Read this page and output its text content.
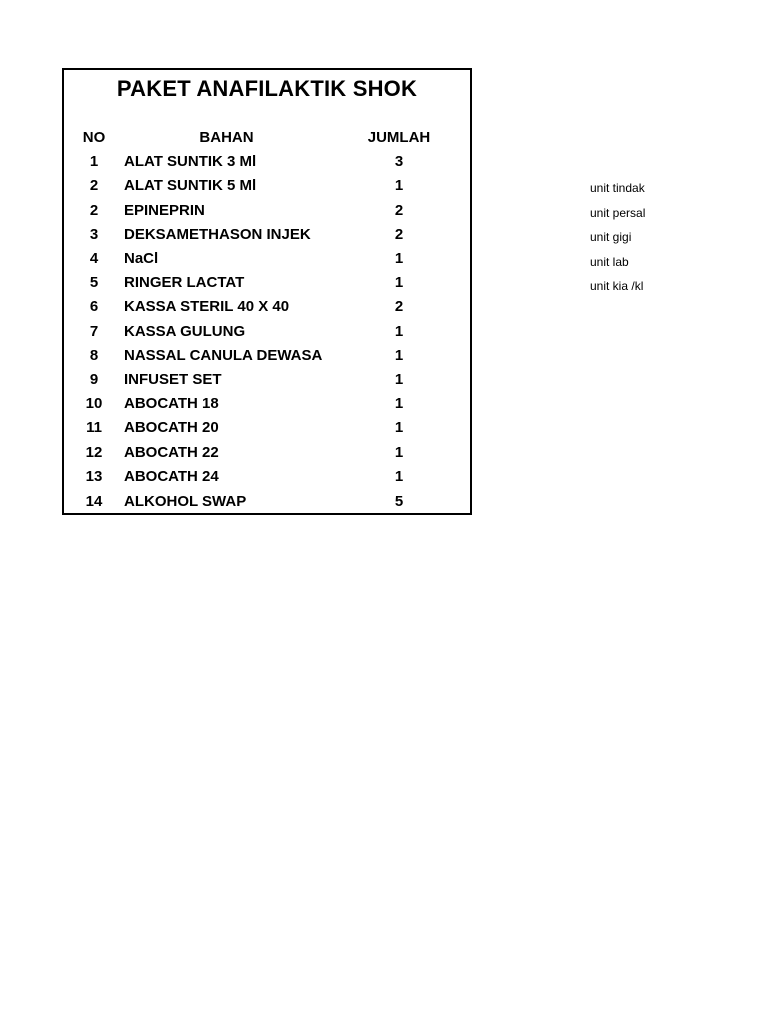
PAKET ANAFILAKTIK SHOK
NO	BAHAN	JUMLAH
1	ALAT SUNTIK 3 Ml	3
2	ALAT SUNTIK 5 Ml	1
2	EPINEPRIN	2
3	DEKSAMETHASON INJEK	2
4	NaCl	1
5	RINGER LACTAT	1
6	KASSA STERIL 40 X 40	2
7	KASSA GULUNG	1
8	NASSAL CANULA DEWASA	1
9	INFUSET SET	1
10	ABOCATH 18	1
11	ABOCATH 20	1
12	ABOCATH 22	1
13	ABOCATH 24	1
14	ALKOHOL SWAP	5
unit tindak
unit persal
unit gigi
unit lab
unit kia /kl
